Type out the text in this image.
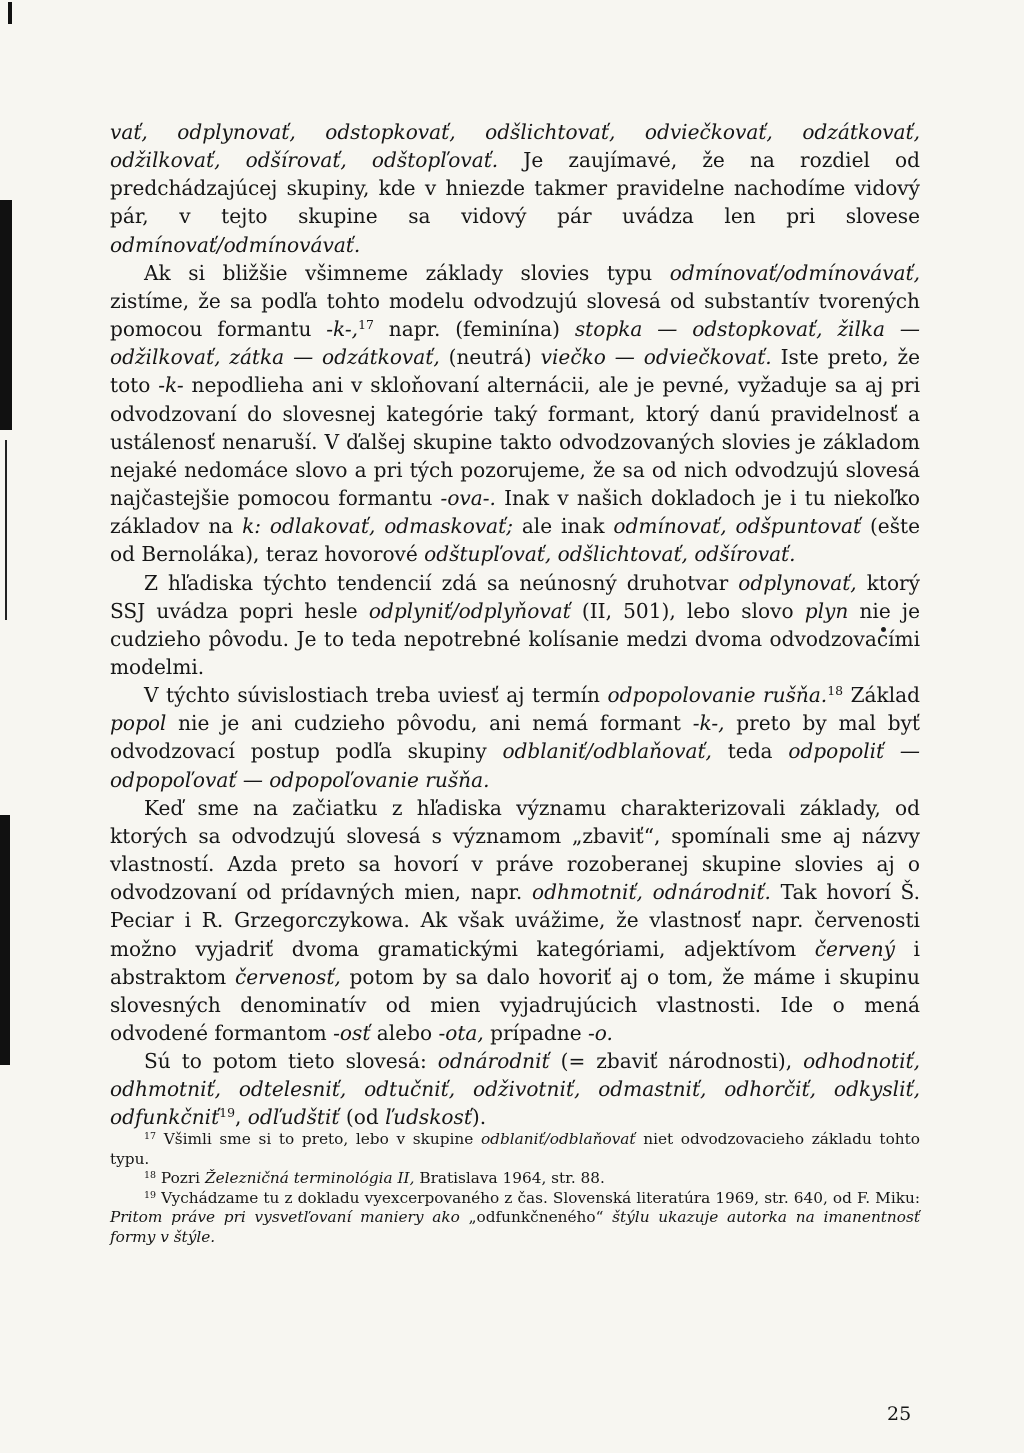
vať, odplynovať, odstopkovať, odšlichtovať, odviečkovať, odzátkovať, odžilkovať, odšírovať, odštopľovať. Je zaujímavé, že na rozdiel od predchádzajúcej skupiny, kde v hniezde takmer pravidelne nachodíme vidový pár, v tejto skupine sa vidový pár uvádza len pri slovese odmínovať/odmínovávať.

Ak si bližšie všimneme základy slovies typu odmínovať/odmínovávať, zistíme, že sa podľa tohto modelu odvodzujú slovesá od substantív tvorených pomocou formantu -k-,$^{17}$ napr. (feminína) stopka — odstopkovať, žilka — odžilkovať, zátka — odzátkovať, (neutrá) viečko — odviečkovať. Iste preto, že toto -k- nepodlieha ani v skloňovaní alternácii, ale je pevné, vyžaduje sa aj pri odvodzovaní do slovesnej kategórie taký formant, ktorý danú pravidelnosť a ustálenosť nenaruší. V ďalšej skupine takto odvodzovaných slovies je základom nejaké nedomáce slovo a pri tých pozorujeme, že sa od nich odvodzujú slovesá najčastejšie pomocou formantu -ova-. Inak v našich dokladoch je i tu niekoľko základov na k: odlakovať, odmaskovať; ale inak odmínovať, odšpuntovať (ešte od Bernoláka), teraz hovorové odštupľovať, odšlichtovať, odšírovať.

Z hľadiska týchto tendencií zdá sa neúnosný druhotvar odplynovať, ktorý SSJ uvádza popri hesle odplyniť/odplyňovať (II, 501), lebo slovo plyn nie je cudzieho pôvodu. Je to teda nepotrebné kolísanie medzi dvoma odvodzovacími modelmi.

V týchto súvislostiach treba uviesť aj termín odpopolovanie rušňa.$^{18}$ Základ popol nie je ani cudzieho pôvodu, ani nemá formant -k-, preto by mal byť odvodzovací postup podľa skupiny odblaniť/odblaňovať, teda odpopoliť — odpopoľovať — odpopoľovanie rušňa.

Keď sme na začiatku z hľadiska významu charakterizovali základy, od ktorých sa odvodzujú slovesá s významom „zbaviť“, spomínali sme aj názvy vlastností. Azda preto sa hovorí v práve rozoberanej skupine slovies aj o odvodzovaní od prídavných mien, napr. odhmotniť, odnárodniť. Tak hovorí Š. Peciar i R. Grzegorczykowa. Ak však uvážime, že vlastnosť napr. červenosti možno vyjadriť dvoma gramatickými kategóriami, adjektívom červený i abstraktom červenosť, potom by sa dalo hovoriť aj o tom, že máme i skupinu slovesných denominatív od mien vyjadrujúcich vlastnosti. Ide o mená odvodené formantom -osť alebo -ota, prípadne -o.

Sú to potom tieto slovesá: odnárodniť (= zbaviť národnosti), odhodnotiť, odhmotniť, odtelesniť, odtučniť, odživotniť, odmastniť, odhorčiť, odkysliť, odfunkčniť$^{19}$, odľudštiť (od ľudskosť).

$^{17}$ Všimli sme si to preto, lebo v skupine odblaniť/odblaňovať niet odvodzovacieho základu tohto typu.

$^{18}$ Pozri Železničná terminológia II, Bratislava 1964, str. 88.

$^{19}$ Vychádzame tu z dokladu vyexcerpovaného z čas. Slovenská literatúra 1969, str. 640, od F. Miku: Pritom práve pri vysvetľovaní maniery ako „odfunkčneného“ štýlu ukazuje autorka na imanentnosť formy v štýle.

25
